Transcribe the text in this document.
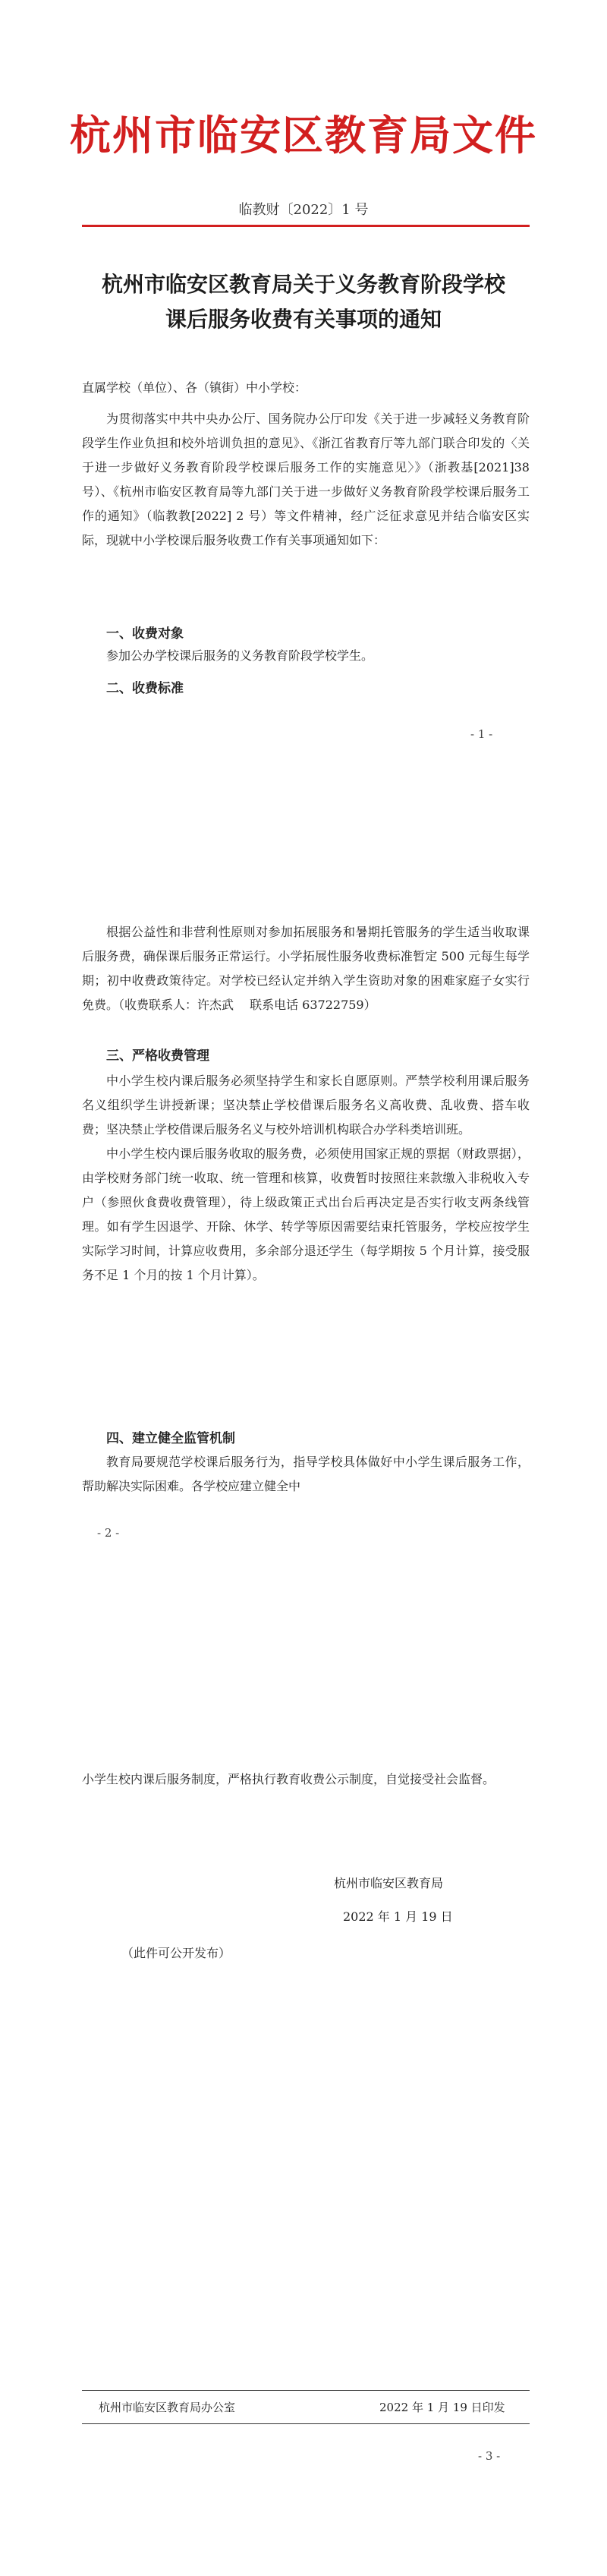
杭州市临安区教育局文件
临教财〔2022〕1 号
杭州市临安区教育局关于义务教育阶段学校
课后服务收费有关事项的通知
直属学校（单位）、各（镇街）中小学校：

为贯彻落实中共中央办公厅、国务院办公厅印发《关于进一步减轻义务教育阶段学生作业负担和校外培训负担的意见》、《浙江省教育厅等九部门联合印发的〈关于进一步做好义务教育阶段学校课后服务工作的实施意见〉》（浙教基[2021]38 号）、《杭州市临安区教育局等九部门关于进一步做好义务教育阶段学校课后服务工作的通知》（临教教[2022] 2 号）等文件精神，经广泛征求意见并结合临安区实际，现就中小学校课后服务收费工作有关事项通知如下：

一、收费对象

参加公办学校课后服务的义务教育阶段学校学生。

二、收费标准
- 1 -

根据公益性和非营利性原则对参加拓展服务和暑期托管服务的学生适当收取课后服务费，确保课后服务正常运行。小学拓展性服务收费标准暂定 500 元每生每学期；初中收费政策待定。对学校已经认定并纳入学生资助对象的困难家庭子女实行免费。（收费联系人：许杰武　 联系电话 63722759）

三、严格收费管理

中小学生校内课后服务必须坚持学生和家长自愿原则。严禁学校利用课后服务名义组织学生讲授新课；坚决禁止学校借课后服务名义高收费、乱收费、搭车收费；坚决禁止学校借课后服务名义与校外培训机构联合办学科类培训班。

中小学生校内课后服务收取的服务费，必须使用国家正规的票据（财政票据），由学校财务部门统一收取、统一管理和核算，收费暂时按照往来款缴入非税收入专户（参照伙食费收费管理），待上级政策正式出台后再决定是否实行收支两条线管理。如有学生因退学、开除、休学、转学等原因需要结束托管服务，学校应按学生实际学习时间，计算应收费用，多余部分退还学生（每学期按 5 个月计算，接受服务不足 1 个月的按 1 个月计算）。

四、建立健全监管机制

教育局要规范学校课后服务行为，指导学校具体做好中小学生课后服务工作，帮助解决实际困难。各学校应建立健全中

- 2 -

小学生校内课后服务制度，严格执行教育收费公示制度，自觉接受社会监督。

杭州市临安区教育局
2022 年 1 月 19 日
（此件可公开发布）
杭州市临安区教育局办公室	2022 年 1 月 19 日印发
- 3 -
